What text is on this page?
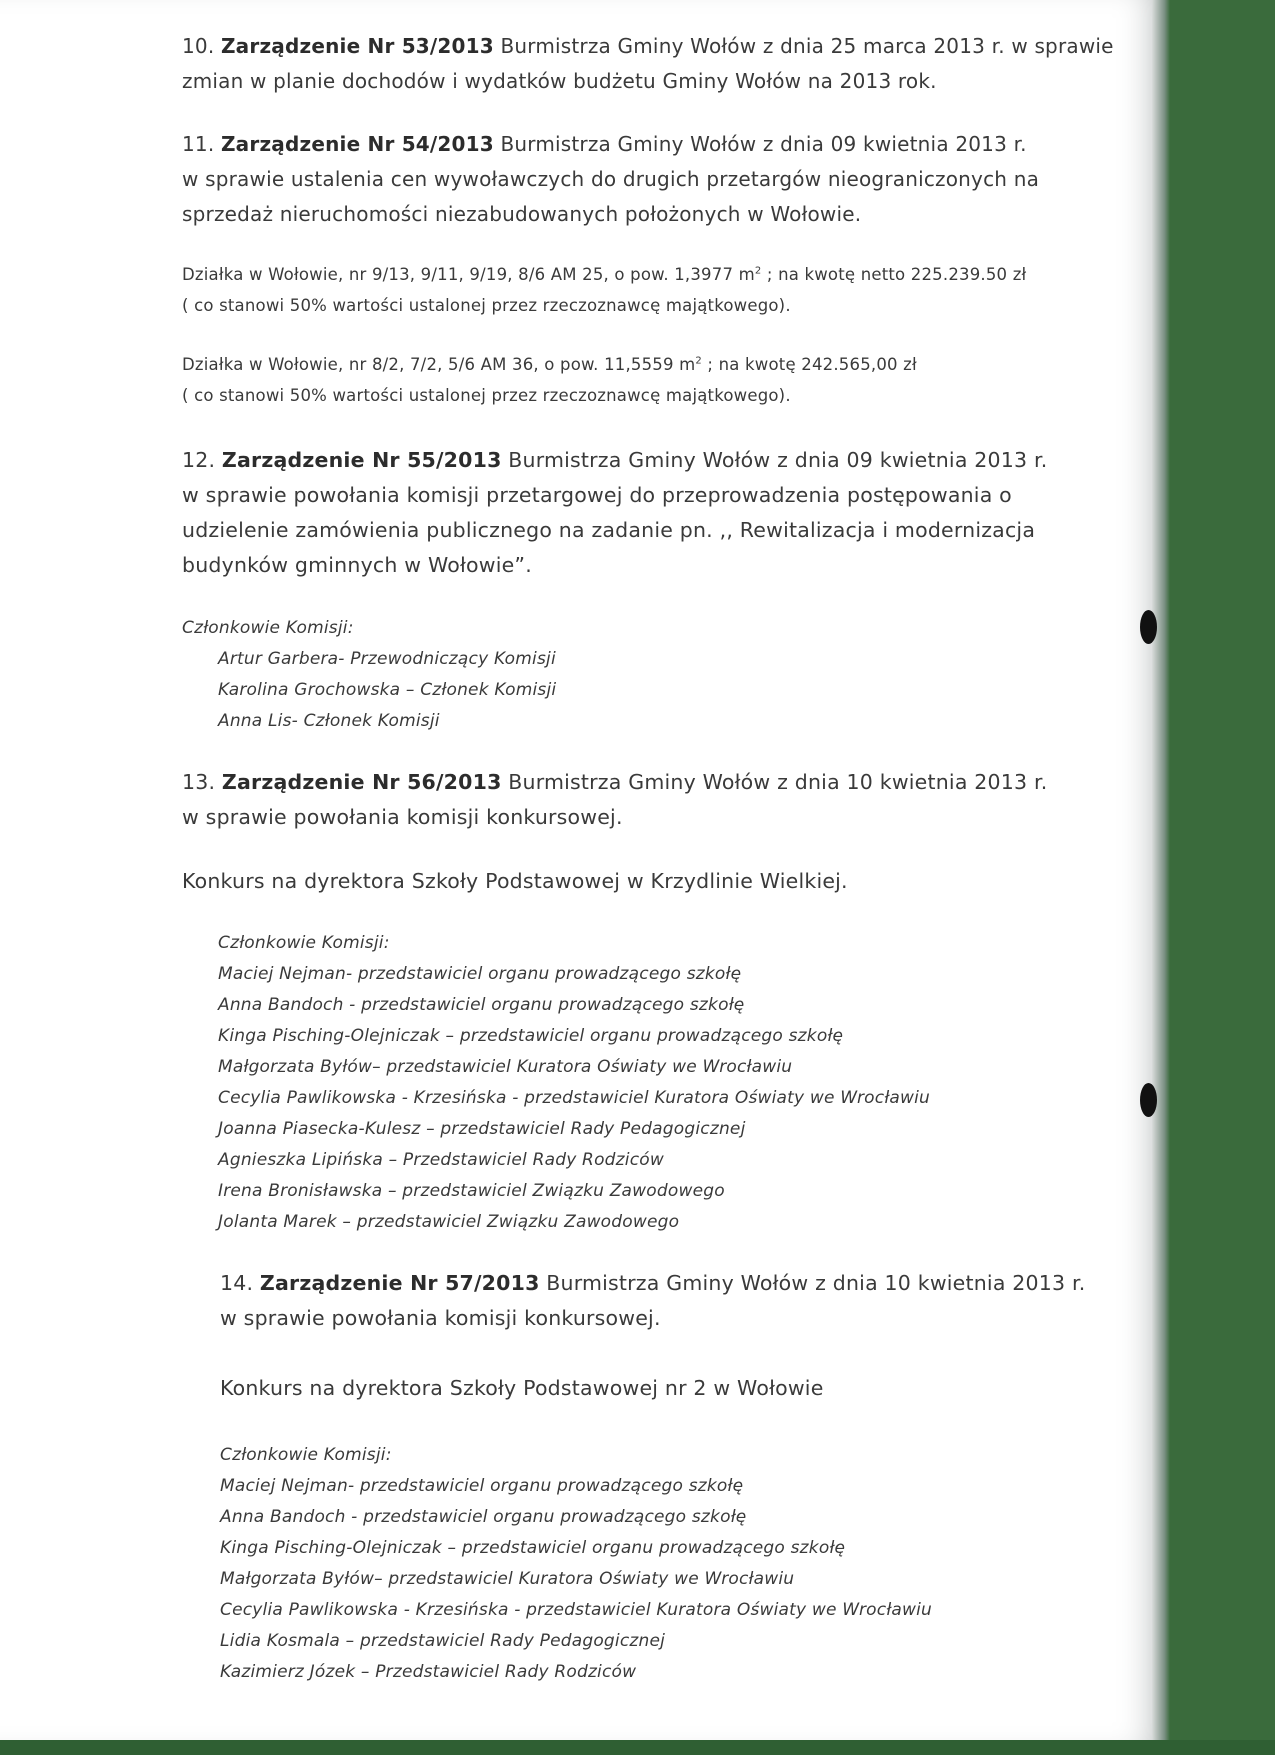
10. Zarządzenie Nr 53/2013 Burmistrza Gminy Wołów z dnia 25 marca 2013 r. w sprawie
zmian w planie dochodów i wydatków budżetu Gminy Wołów na 2013 rok.
11. Zarządzenie Nr 54/2013 Burmistrza Gminy Wołów z dnia 09 kwietnia 2013 r.
w sprawie ustalenia cen wywoławczych do drugich przetargów nieograniczonych na
sprzedaż nieruchomości niezabudowanych położonych w Wołowie.
Działka w Wołowie, nr 9/13, 9/11, 9/19, 8/6 AM 25, o pow. 1,3977 $m^2$ ; na kwotę netto 225.239.50 zł
( co stanowi 50% wartości ustalonej przez rzeczoznawcę majątkowego).
Działka w Wołowie, nr 8/2, 7/2, 5/6 AM 36, o pow. 11,5559 $m^2$ ; na kwotę 242.565,00 zł
( co stanowi 50% wartości ustalonej przez rzeczoznawcę majątkowego).
12. Zarządzenie Nr 55/2013 Burmistrza Gminy Wołów z dnia 09 kwietnia 2013 r.
w sprawie powołania komisji przetargowej do przeprowadzenia postępowania o
udzielenie zamówienia publicznego na zadanie pn. ,, Rewitalizacja i modernizacja
budynków gminnych w Wołowie”.
Członkowie Komisji:
Artur Garbera- Przewodniczący Komisji
Karolina Grochowska – Członek Komisji
Anna Lis- Członek Komisji
13. Zarządzenie Nr 56/2013 Burmistrza Gminy Wołów z dnia 10 kwietnia 2013 r.
w sprawie powołania komisji konkursowej.
Konkurs na dyrektora Szkoły Podstawowej w Krzydlinie Wielkiej.
Członkowie Komisji:
Maciej Nejman- przedstawiciel organu prowadzącego szkołę
Anna Bandoch - przedstawiciel organu prowadzącego szkołę
Kinga Pisching-Olejniczak – przedstawiciel organu prowadzącego szkołę
Małgorzata Byłów– przedstawiciel Kuratora Oświaty we Wrocławiu
Cecylia Pawlikowska - Krzesińska - przedstawiciel Kuratora Oświaty we Wrocławiu
Joanna Piasecka-Kulesz – przedstawiciel Rady Pedagogicznej
Agnieszka Lipińska – Przedstawiciel Rady Rodziców
Irena Bronisławska – przedstawiciel Związku Zawodowego
Jolanta Marek – przedstawiciel Związku Zawodowego
14. Zarządzenie Nr 57/2013 Burmistrza Gminy Wołów z dnia 10 kwietnia 2013 r.
w sprawie powołania komisji konkursowej.
Konkurs na dyrektora Szkoły Podstawowej nr 2 w Wołowie
Członkowie Komisji:
Maciej Nejman- przedstawiciel organu prowadzącego szkołę
Anna Bandoch - przedstawiciel organu prowadzącego szkołę
Kinga Pisching-Olejniczak – przedstawiciel organu prowadzącego szkołę
Małgorzata Byłów– przedstawiciel Kuratora Oświaty we Wrocławiu
Cecylia Pawlikowska - Krzesińska - przedstawiciel Kuratora Oświaty we Wrocławiu
Lidia Kosmala – przedstawiciel Rady Pedagogicznej
Kazimierz Józek – Przedstawiciel Rady Rodziców
